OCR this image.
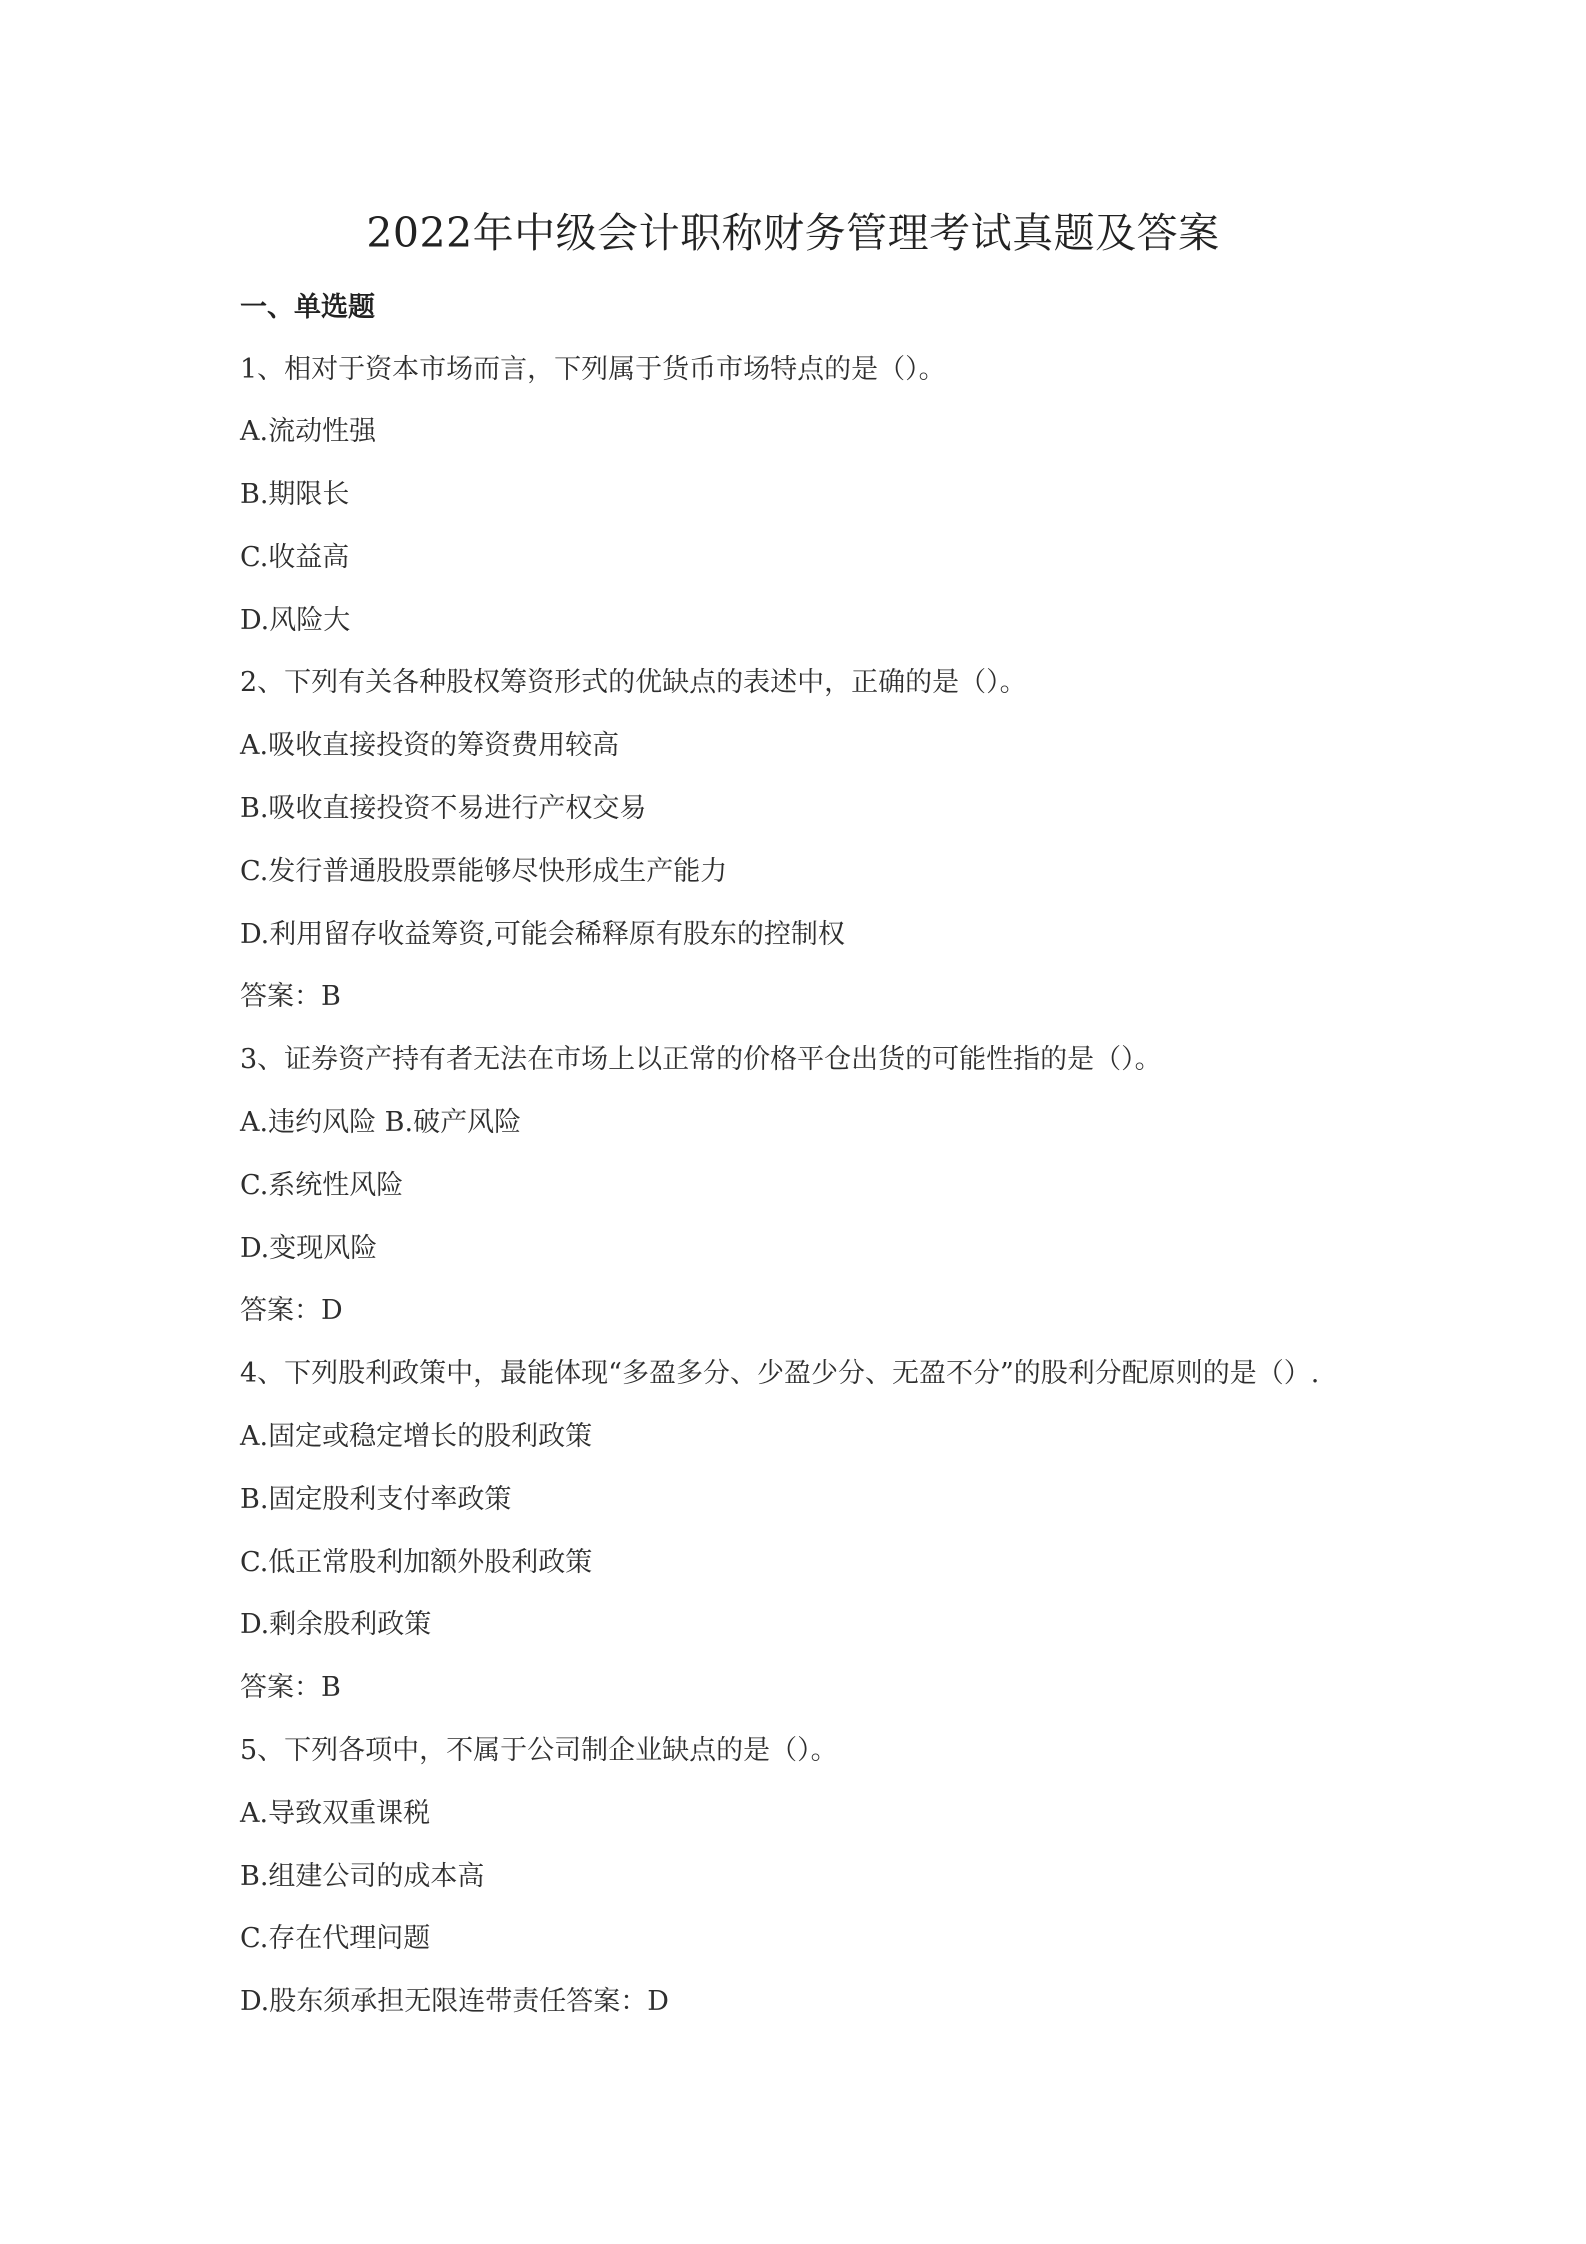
2022年中级会计职称财务管理考试真题及答案
一、单选题
1、相对于资本市场而言，下列属于货币市场特点的是（）。
A.流动性强
B.期限长
C.收益高
D.风险大
2、下列有关各种股权筹资形式的优缺点的表述中，正确的是（）。
A.吸收直接投资的筹资费用较高
B.吸收直接投资不易进行产权交易
C.发行普通股股票能够尽快形成生产能力
D.利用留存收益筹资,可能会稀释原有股东的控制权
答案：B
3、证券资产持有者无法在市场上以正常的价格平仓出货的可能性指的是（）。
A.违约风险 B.破产风险
C.系统性风险
D.变现风险
答案：D
4、下列股利政策中，最能体现“多盈多分、少盈少分、无盈不分”的股利分配原则的是（）.
A.固定或稳定增长的股利政策
B.固定股利支付率政策
C.低正常股利加额外股利政策
D.剩余股利政策
答案：B
5、下列各项中，不属于公司制企业缺点的是（）。
A.导致双重课税
B.组建公司的成本高
C.存在代理问题
D.股东须承担无限连带责任答案：D
